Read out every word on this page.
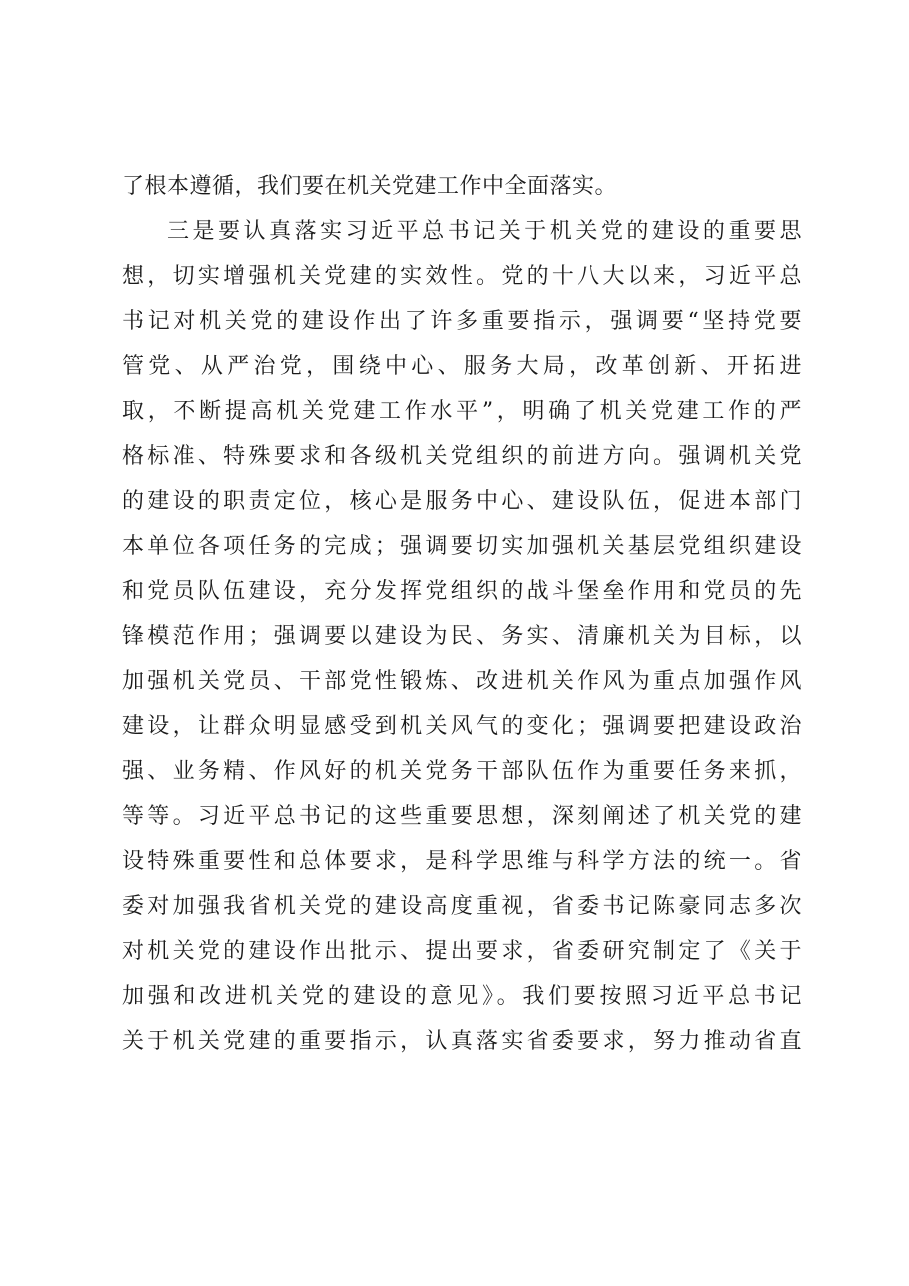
了根本遵循，我们要在机关党建工作中全面落实。
三是要认真落实习近平总书记关于机关党的建设的重要思
想，切实增强机关党建的实效性。党的十八大以来，习近平总
书记对机关党的建设作出了许多重要指示，强调要“坚持党要
管党、从严治党，围绕中心、服务大局，改革创新、开拓进
取，不断提高机关党建工作水平”，明确了机关党建工作的严
格标准、特殊要求和各级机关党组织的前进方向。强调机关党
的建设的职责定位，核心是服务中心、建设队伍，促进本部门
本单位各项任务的完成；强调要切实加强机关基层党组织建设
和党员队伍建设，充分发挥党组织的战斗堡垒作用和党员的先
锋模范作用；强调要以建设为民、务实、清廉机关为目标，以
加强机关党员、干部党性锻炼、改进机关作风为重点加强作风
建设，让群众明显感受到机关风气的变化；强调要把建设政治
强、业务精、作风好的机关党务干部队伍作为重要任务来抓，
等等。习近平总书记的这些重要思想，深刻阐述了机关党的建
设特殊重要性和总体要求，是科学思维与科学方法的统一。省
委对加强我省机关党的建设高度重视，省委书记陈豪同志多次
对机关党的建设作出批示、提出要求，省委研究制定了《关于
加强和改进机关党的建设的意见》。我们要按照习近平总书记
关于机关党建的重要指示，认真落实省委要求，努力推动省直
